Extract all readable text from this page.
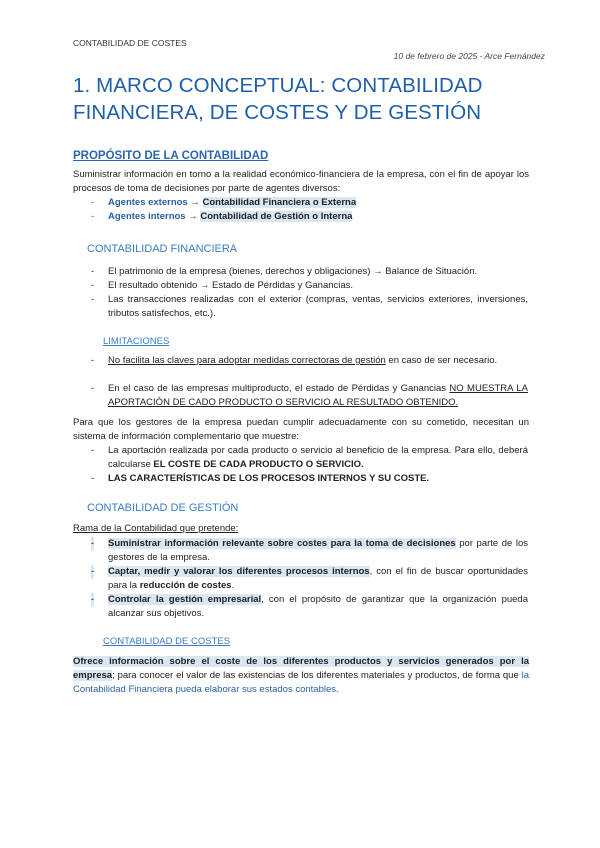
CONTABILIDAD DE COSTES
10 de febrero de 2025 - Arce Fernández
1. MARCO CONCEPTUAL: CONTABILIDAD FINANCIERA, DE COSTES Y DE GESTIÓN
PROPÓSITO DE LA CONTABILIDAD
Suministrar información en torno a la realidad económico-financiera de la empresa, con el fin de apoyar los procesos de toma de decisiones por parte de agentes diversos:
- Agentes externos → Contabilidad Financiera o Externa
- Agentes internos → Contabilidad de Gestión o Interna
CONTABILIDAD FINANCIERA
- El patrimonio de la empresa (bienes, derechos y obligaciones) → Balance de Situación.
- El resultado obtenido → Estado de Pérdidas y Ganancias.
- Las transacciones realizadas con el exterior (compras, ventas, servicios exteriores, inversiones, tributos satisfechos, etc.).
LIMITACIONES
- No facilita las claves para adoptar medidas correctoras de gestión en caso de ser necesario.
- En el caso de las empresas multiproducto, el estado de Pérdidas y Ganancias NO MUESTRA LA APORTACIÓN DE CADO PRODUCTO O SERVICIO AL RESULTADO OBTENIDO.
Para que los gestores de la empresa puedan cumplir adecuadamente con su cometido, necesitan un sistema de información complementario que muestre:
- La aportación realizada por cada producto o servicio al beneficio de la empresa. Para ello, deberá calcularse EL COSTE DE CADA PRODUCTO O SERVICIO.
- LAS CARACTERÍSTICAS DE LOS PROCESOS INTERNOS Y SU COSTE.
CONTABILIDAD DE GESTIÓN
Rama de la Contabilidad que pretende:
- Suministrar información relevante sobre costes para la toma de decisiones por parte de los gestores de la empresa.
- Captar, medir y valorar los diferentes procesos internos, con el fin de buscar oportunidades para la reducción de costes.
- Controlar la gestión empresarial, con el propósito de garantizar que la organización pueda alcanzar sus objetivos.
CONTABILIDAD DE COSTES
Ofrece información sobre el coste de los diferentes productos y servicios generados por la empresa; para conocer el valor de las existencias de los diferentes materiales y productos, de forma que la Contabilidad Financiera pueda elaborar sus estados contables.
